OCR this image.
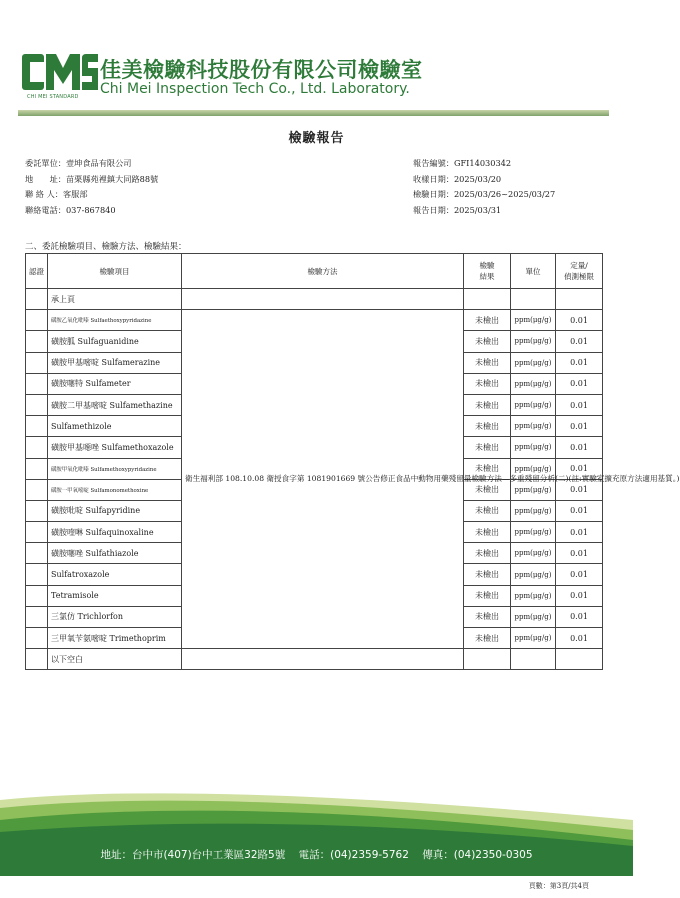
CHI MEI STANDARD
佳美檢驗科技股份有限公司檢驗室
Chi Mei Inspection Tech Co., Ltd. Laboratory.
檢驗報告
委託單位：壹坤食品有限公司
地　　址：苗栗縣苑裡鎮大同路88號
聯 絡 人：客服部
聯絡電話：037-867840
報告編號：GFI14030342
收樣日期：2025/03/20
檢驗日期：2025/03/26~2025/03/27
報告日期：2025/03/31
二、委託檢驗項目、檢驗方法、檢驗結果：
認證	檢驗項目	檢驗方法	檢驗
結果	單位	定量/
偵測極限
	承上頁				
	磺胺乙氧化吡嗪 Sulfaethoxypyridazine	衛生福利部 108.10.08 衛授食字第 1081901669 號公告修正食品中動物用藥殘留量檢驗方法—多重殘留分析(二)(註:實驗室擴充原方法適用基質。)	未檢出	ppm(μg/g)	0.01
	磺胺胍 Sulfaguanidine		未檢出	ppm(μg/g)	0.01
	磺胺甲基嘧啶 Sulfamerazine		未檢出	ppm(μg/g)	0.01
	磺胺噻特 Sulfameter		未檢出	ppm(μg/g)	0.01
	磺胺二甲基嘧啶 Sulfamethazine		未檢出	ppm(μg/g)	0.01
	Sulfamethizole		未檢出	ppm(μg/g)	0.01
	磺胺甲基噁唑 Sulfamethoxazole		未檢出	ppm(μg/g)	0.01
	磺胺甲氧化吡嗪 Sulfamethoxypyridazine		未檢出	ppm(μg/g)	0.01
	磺胺一甲氧嘧啶 Sulfamonomethoxine		未檢出	ppm(μg/g)	0.01
	磺胺吡啶 Sulfapyridine		未檢出	ppm(μg/g)	0.01
	磺胺喹啉 Sulfaquinoxaline		未檢出	ppm(μg/g)	0.01
	磺胺噻唑 Sulfathiazole		未檢出	ppm(μg/g)	0.01
	Sulfatroxazole		未檢出	ppm(μg/g)	0.01
	Tetramisole		未檢出	ppm(μg/g)	0.01
	三氯仿 Trichlorfon		未檢出	ppm(μg/g)	0.01
	三甲氧苄氨嘧啶 Trimethoprim		未檢出	ppm(μg/g)	0.01
	以下空白				
地址：台中市(407)台中工業區32路5號 電話：(04)2359-5762 傳真：(04)2350-0305
頁數：第3頁/共4頁
